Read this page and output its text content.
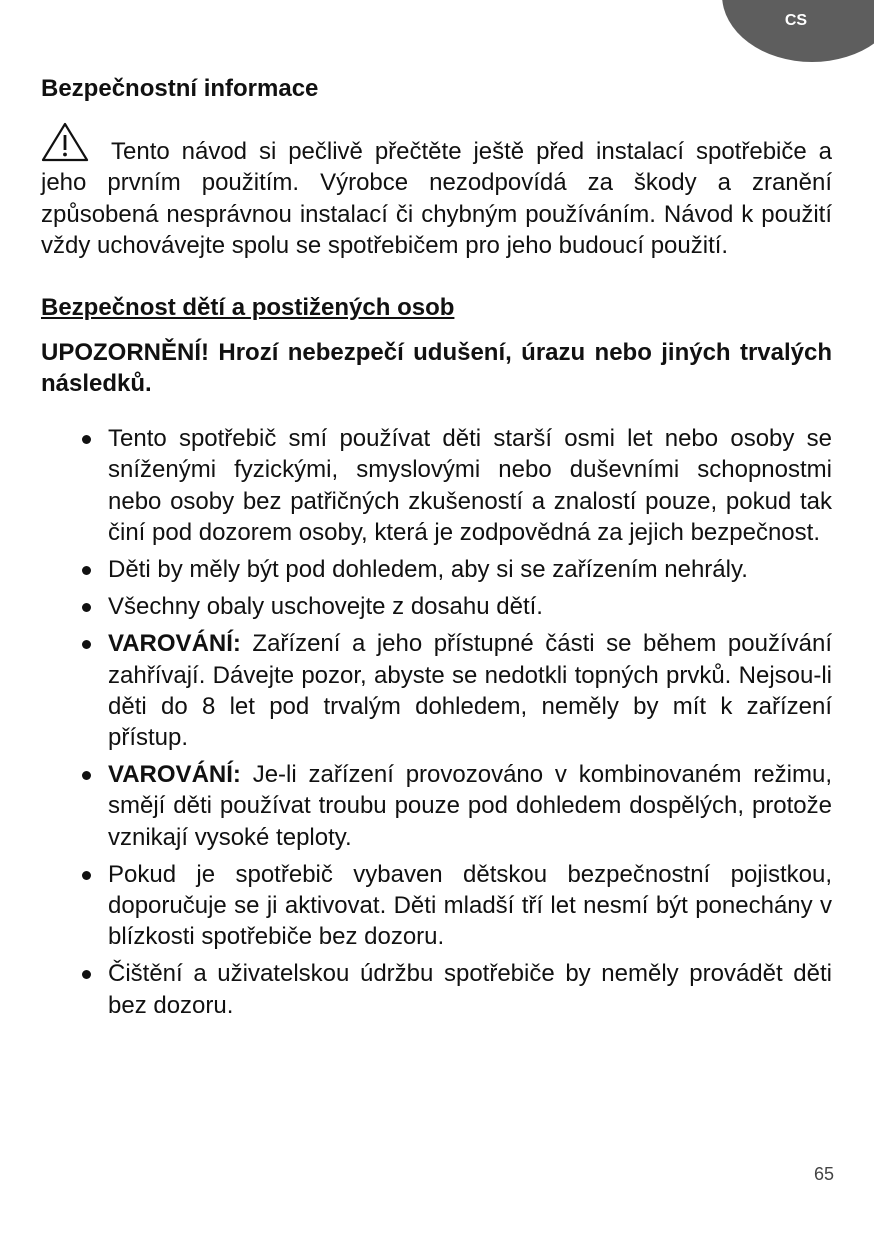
CS
Bezpečnostní informace

Tento návod si pečlivě přečtěte ještě před instalací spotřebiče a jeho prvním použitím. Výrobce nezodpovídá za škody a zranění způsobená nesprávnou instalací či chybným používáním. Návod k použití vždy uchovávejte spolu se spotřebičem pro jeho budoucí použití.

Bezpečnost dětí a postižených osob

UPOZORNĚNÍ! Hrozí nebezpečí udušení, úrazu nebo jiných trvalých následků.

Tento spotřebič smí používat děti starší osmi let nebo osoby se sníženými fyzickými, smyslovými nebo duševními schopnostmi nebo osoby bez patřičných zkušeností a znalostí pouze, pokud tak činí pod dozorem osoby, která je zodpovědná za jejich bezpečnost.
Děti by měly být pod dohledem, aby si se zařízením nehrály.
Všechny obaly uschovejte z dosahu dětí.
VAROVÁNÍ: Zařízení a jeho přístupné části se během používání zahřívají. Dávejte pozor, abyste se nedotkli topných prvků. Nejsou-li děti do 8 let pod trvalým dohledem, neměly by mít k zařízení přístup.
VAROVÁNÍ: Je-li zařízení provozováno v kombinovaném režimu, smějí děti používat troubu pouze pod dohledem dospělých, protože vznikají vysoké teploty.
Pokud je spotřebič vybaven dětskou bezpečnostní pojistkou, doporučuje se ji aktivovat. Děti mladší tří let nesmí být ponechány v blízkosti spotřebiče bez dozoru.
Čištění a uživatelskou údržbu spotřebiče by neměly provádět děti bez dozoru.
65
